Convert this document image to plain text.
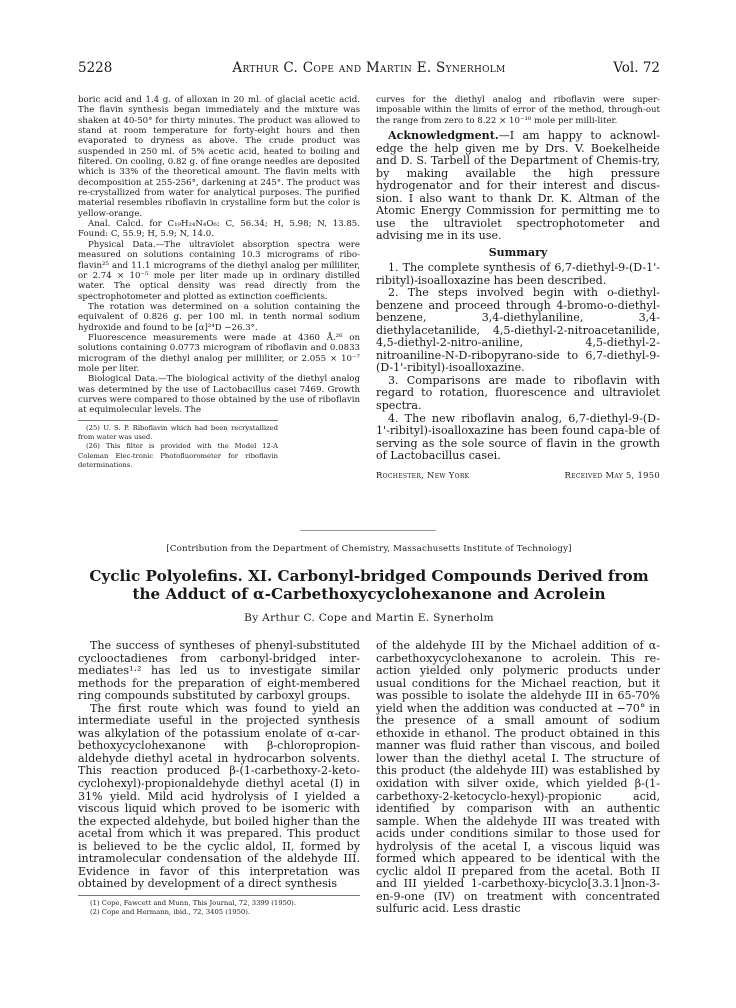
5228	Arthur C. Cope and Martin E. Synerholm	Vol. 72

boric acid and 1.4 g. of alloxan in 20 ml. of glacial acetic acid. The flavin synthesis began immediately and the mixture was shaken at 40-50° for thirty minutes. The product was allowed to stand at room temperature for forty-eight hours and then evaporated to dryness as above. The crude product was suspended in 250 ml. of 5% acetic acid, heated to boiling and filtered. On cooling, 0.82 g. of fine orange needles are deposited which is 33% of the theoretical amount. The flavin melts with decomposition at 255-256°, darkening at 245°. The product was re-crystallized from water for analytical purposes. The purified material resembles riboflavin in crystalline form but the color is yellow-orange.

Anal. Calcd. for C₁₉H₂₄N₄O₆: C, 56.34; H, 5.98; N, 13.85. Found: C, 55.9; H, 5.9; N, 14.0.

Physical Data.—The ultraviolet absorption spectra were measured on solutions containing 10.3 micrograms of ribo-flavin²⁵ and 11.1 micrograms of the diethyl analog per milliliter, or 2.74 × 10⁻⁵ mole per liter made up in ordinary distilled water. The optical density was read directly from the spectrophotometer and plotted as extinction coefficients.

The rotation was determined on a solution containing the equivalent of 0.826 g. per 100 ml. in tenth normal sodium hydroxide and found to be [α]²⁴D −26.3°.

Fluorescence measurements were made at 4360 Å.²⁶ on solutions containing 0.0773 microgram of riboflavin and 0.0833 microgram of the diethyl analog per milliliter, or 2.055 × 10⁻⁷ mole per liter.

Biological Data.—The biological activity of the diethyl analog was determined by the use of Lactobacillus casei 7469. Growth curves were compared to those obtained by the use of riboflavin at equimolecular levels. The

(25) U. S. P. Riboflavin which had been recrystallized from water was used.

(26) This filter is provided with the Model 12-A Coleman Elec-tronic Photofluorometer for riboflavin determinations.

curves for the diethyl analog and riboflavin were super-imposable within the limits of error of the method, through-out the range from zero to 8.22 × 10⁻¹⁰ mole per milli-liter.

Acknowledgment.—I am happy to acknowl-edge the help given me by Drs. V. Boekelheide and D. S. Tarbell of the Department of Chemis-try, by making available the high pressure hydrogenator and for their interest and discus-sion. I also want to thank Dr. K. Altman of the Atomic Energy Commission for permitting me to use the ultraviolet spectrophotometer and advising me in its use.

Summary

1. The complete synthesis of 6,7-diethyl-9-(D-1'-ribityl)-isoalloxazine has been described.

2. The steps involved begin with o-diethyl-benzene and proceed through 4-bromo-o-diethyl-benzene, 3,4-diethylaniline, 3,4-diethylacetanilide, 4,5-diethyl-2-nitroacetanilide, 4,5-diethyl-2-nitro-aniline, 4,5-diethyl-2-nitroaniline-N-D-ribopyrano-side to 6,7-diethyl-9-(D-1'-ribityl)-isoalloxazine.

3. Comparisons are made to riboflavin with regard to rotation, fluorescence and ultraviolet spectra.

4. The new riboflavin analog, 6,7-diethyl-9-(D-1'-ribityl)-isoalloxazine has been found capa-ble of serving as the sole source of flavin in the growth of Lactobacillus casei.

Rochester, New York	Received May 5, 1950
[Contribution from the Department of Chemistry, Massachusetts Institute of Technology]
Cyclic Polyolefins. XI. Carbonyl-bridged Compounds Derived from the Adduct of α-Carbethoxycyclohexanone and Acrolein
By Arthur C. Cope and Martin E. Synerholm

The success of syntheses of phenyl-substituted cyclooctadienes from carbonyl-bridged inter-mediates¹·² has led us to investigate similar methods for the preparation of eight-membered ring compounds substituted by carboxyl groups.

The first route which was found to yield an intermediate useful in the projected synthesis was alkylation of the potassium enolate of α-car-bethoxycyclohexanone with β-chloropropion-aldehyde diethyl acetal in hydrocarbon solvents. This reaction produced β-(1-carbethoxy-2-keto-cyclohexyl)-propionaldehyde diethyl acetal (I) in 31% yield. Mild acid hydrolysis of I yielded a viscous liquid which proved to be isomeric with the expected aldehyde, but boiled higher than the acetal from which it was prepared. This product is believed to be the cyclic aldol, II, formed by intramolecular condensation of the aldehyde III. Evidence in favor of this interpretation was obtained by development of a direct synthesis

(1) Cope, Fawcett and Munn, This Journal, 72, 3399 (1950).

(2) Cope and Hermann, ibid., 72, 3405 (1950).

of the aldehyde III by the Michael addition of α-carbethoxycyclohexanone to acrolein. This re-action yielded only polymeric products under usual conditions for the Michael reaction, but it was possible to isolate the aldehyde III in 65-70% yield when the addition was conducted at −70° in the presence of a small amount of sodium ethoxide in ethanol. The product obtained in this manner was fluid rather than viscous, and boiled lower than the diethyl acetal I. The structure of this product (the aldehyde III) was established by oxidation with silver oxide, which yielded β-(1-carbethoxy-2-ketocyclo-hexyl)-propionic acid, identified by comparison with an authentic sample. When the aldehyde III was treated with acids under conditions similar to those used for hydrolysis of the acetal I, a viscous liquid was formed which appeared to be identical with the cyclic aldol II prepared from the acetal. Both II and III yielded 1-carbethoxy-bicyclo[3.3.1]non-3-en-9-one (IV) on treatment with concentrated sulfuric acid. Less drastic
